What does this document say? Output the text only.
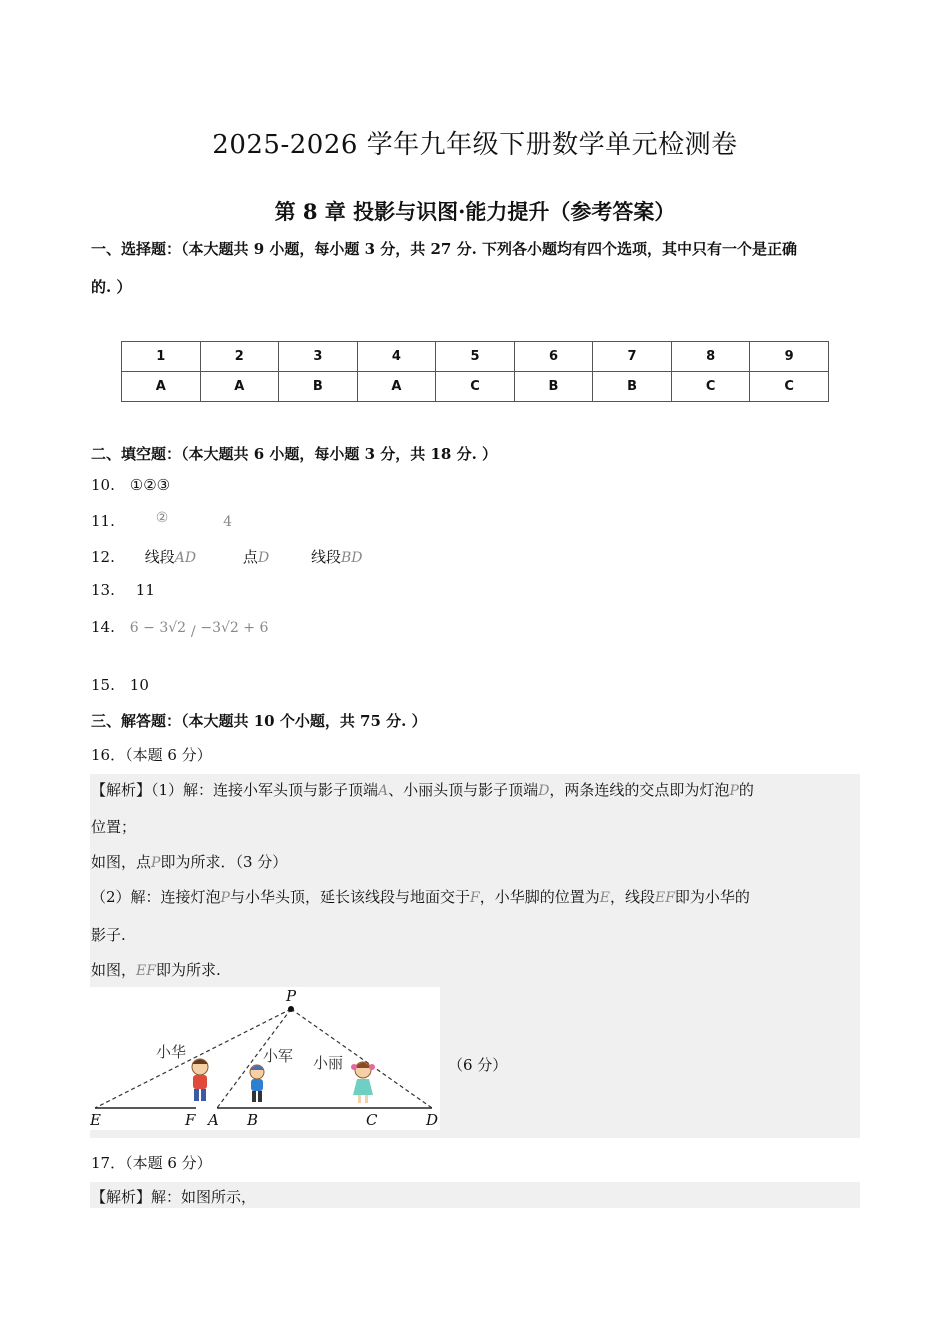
2025-2026 学年九年级下册数学单元检测卷
第 8 章 投影与识图·能力提升（参考答案）
一、选择题：（本大题共 9 小题，每小题 3 分，共 27 分. 下列各小题均有四个选项，其中只有一个是正确
的. ）
1	2	3	4	5	6	7	8	9
A	A	B	A	C	B	B	C	C
二、填空题：（本大题共 6 小题，每小题 3 分，共 18 分. ）
10. ①②③
11.	②	4
12. 线段AD	点D	线段BD
13. 11
14. 6 − 3√2 / −3√2 + 6
15. 10
三、解答题：（本大题共 10 个小题，共 75 分. ）
16．（本题 6 分）
【解析】（1）解：连接小军头顶与影子顶端A、小丽头顶与影子顶端D，两条连线的交点即为灯泡P的
位置；
如图，点P即为所求．（3 分）
（2）解：连接灯泡P与小华头顶，延长该线段与地面交于F，小华脚的位置为E，线段EF即为小华的
影子.
如图，EF即为所求.
P
E	F A B	C	D
小华	小军 小丽	（6 分）
17．（本题 6 分）
【解析】解：如图所示，
